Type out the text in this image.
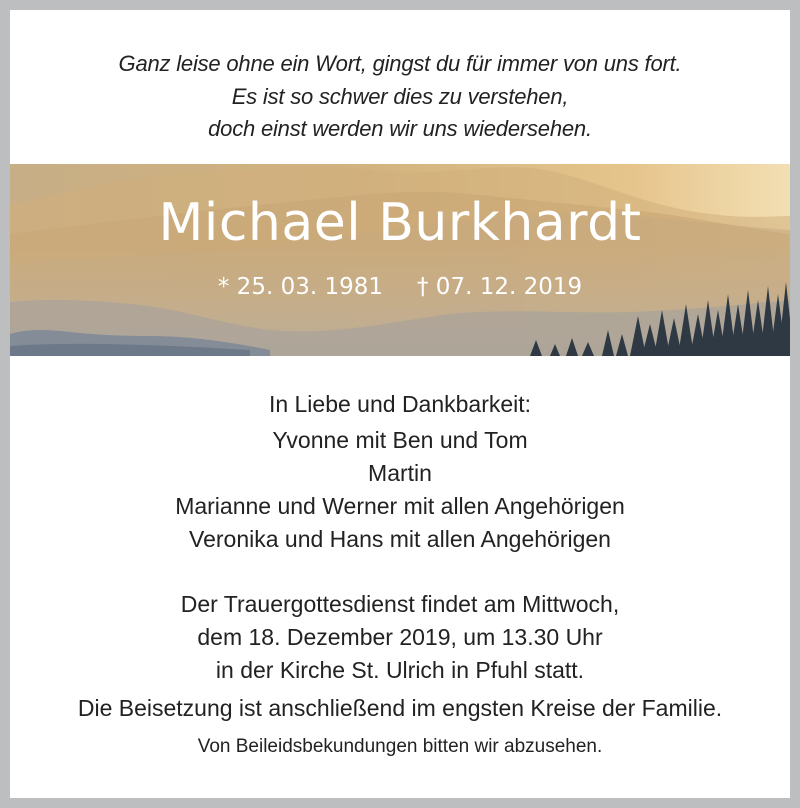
Ganz leise ohne ein Wort, gingst du für immer von uns fort.
Es ist so schwer dies zu verstehen,
doch einst werden wir uns wiedersehen.
Michael Burkhardt
* 25. 03. 1981 † 07. 12. 2019
In Liebe und Dankbarkeit:
Yvonne mit Ben und Tom
Martin
Marianne und Werner mit allen Angehörigen
Veronika und Hans mit allen Angehörigen
Der Trauergottesdienst findet am Mittwoch,
dem 18. Dezember 2019, um 13.30 Uhr
in der Kirche St. Ulrich in Pfuhl statt.
Die Beisetzung ist anschließend im engsten Kreise der Familie.
Von Beileidsbekundungen bitten wir abzusehen.
